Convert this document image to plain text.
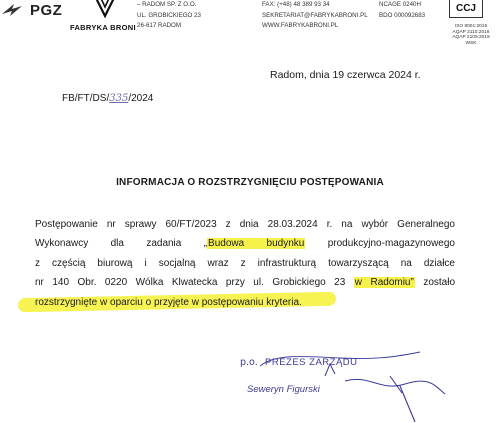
PGZ
FABRYKA BRONI
– RADOM SP. Z O.O.
UL. GROBICKIEGO 23
26-617 RADOM
FAX: (+48) 48 389 93 34
SEKRETARIAT@FABRYKABRONI.PL
WWW.FABRYKABRONI.PL
NCAGE 0240H
BDO 000092683
CCJ
ISO 9001:2015
AQAP 2110:2016
AQAP 2105:2019
WSK
Radom, dnia 19 czerwca 2024 r.
FB/FT/DS/335/2024
INFORMACJA O ROZSTRZYGNIĘCIU POSTĘPOWANIA
Postępowanie nr sprawy 60/FT/2023 z dnia 28.03.2024 r. na wybór Generalnego
Wykonawcy dla zadania „Budowa budynku produkcyjno-magazynowego
z częścią biurową i socjalną wraz z infrastrukturą towarzyszącą na działce
nr 140 Obr. 0220 Wólka Klwatecka przy ul. Grobickiego 23 w Radomiu” zostało
rozstrzygnięte w oparciu o przyjęte w postępowaniu kryteria.
p.o. PREZES ZARZĄDU
Seweryn Figurski
